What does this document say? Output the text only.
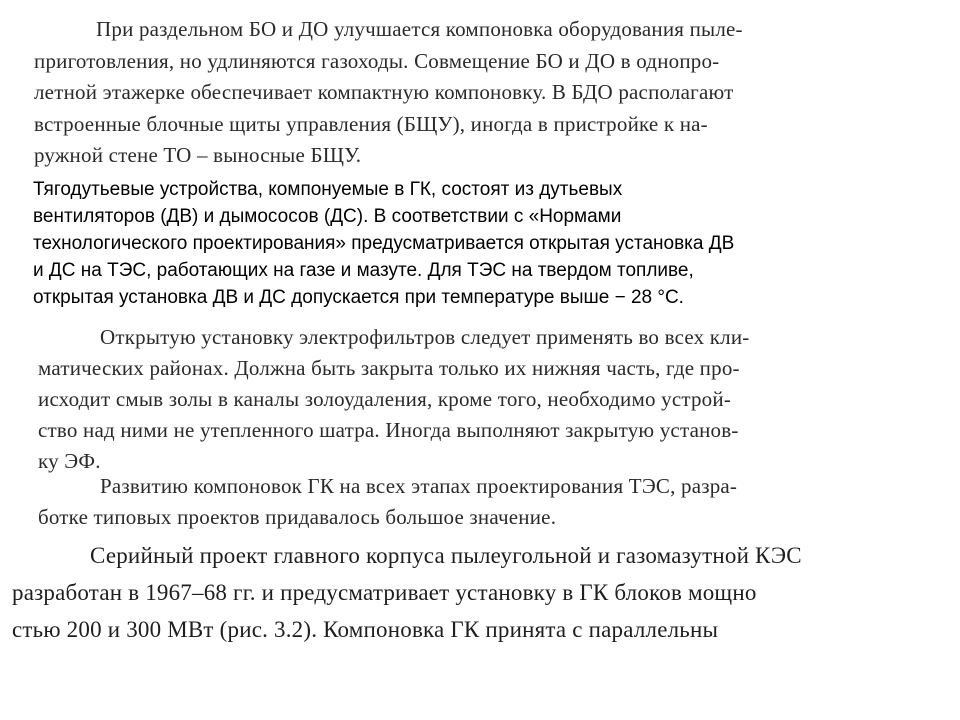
При раздельном БО и ДО улучшается компоновка оборудования пыле-
приготовления, но удлиняются газоходы. Совмещение БО и ДО в однопро-
летной этажерке обеспечивает компактную компоновку. В БДО располагают
встроенные блочные щиты управления (БЩУ), иногда в пристройке к на-
ружной стене ТО – выносные БЩУ.
Тягодутьевые устройства, компонуемые в ГК, состоят из дутьевых
вентиляторов (ДВ) и дымососов (ДС). В соответствии с «Нормами
технологического проектирования» предусматривается открытая установка ДВ
и ДС на ТЭС, работающих на газе и мазуте. Для ТЭС на твердом топливе,
открытая установка ДВ и ДС допускается при температуре выше − 28 °С.
Открытую установку электрофильтров следует применять во всех кли-
матических районах. Должна быть закрыта только их нижняя часть, где про-
исходит смыв золы в каналы золоудаления, кроме того, необходимо устрой-
ство над ними не утепленного шатра. Иногда выполняют закрытую установ-
ку ЭФ.
Развитию компоновок ГК на всех этапах проектирования ТЭС, разра-
ботке типовых проектов придавалось большое значение.
Серийный проект главного корпуса пылеугольной и газомазутной КЭС
разработан в 1967–68 гг. и предусматривает установку в ГК блоков мощно
стью 200 и 300 МВт (рис. 3.2). Компоновка ГК принята с параллельны
